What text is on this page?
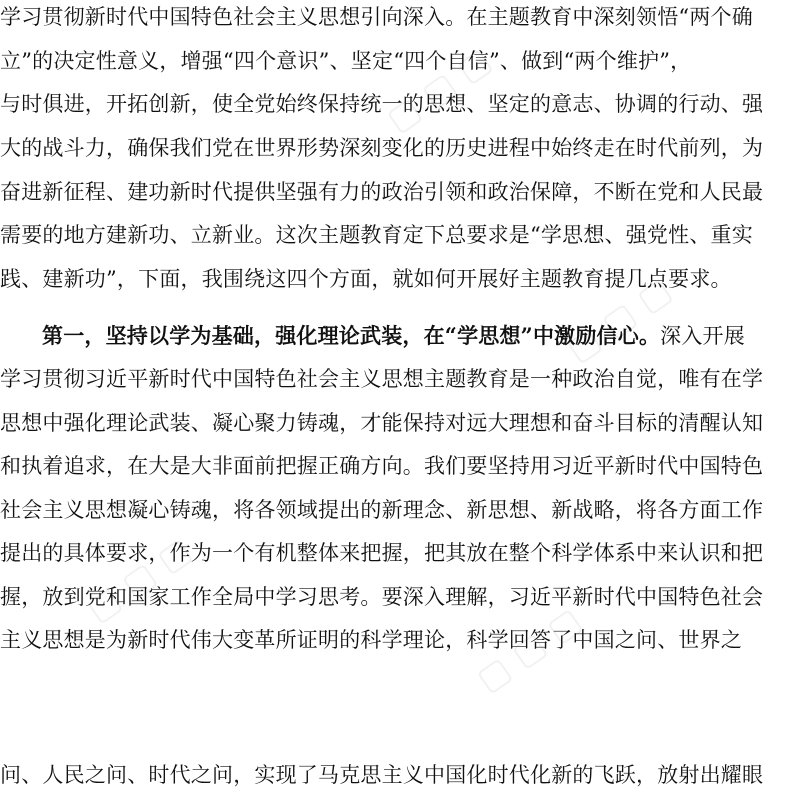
▢ ▢ ▢
▢ ▢ ▢
▢ ▢ ▢
▢ ▢ ▢
学习贯彻新时代中国特色社会主义思想引向深入。在主题教育中深刻领悟“两个确
立”的决定性意义，增强“四个意识”、坚定“四个自信”、做到“两个维护”，
与时俱进，开拓创新，使全党始终保持统一的思想、坚定的意志、协调的行动、强
大的战斗力，确保我们党在世界形势深刻变化的历史进程中始终走在时代前列，为
奋进新征程、建功新时代提供坚强有力的政治引领和政治保障，不断在党和人民最
需要的地方建新功、立新业。这次主题教育定下总要求是“学思想、强党性、重实
践、建新功”，下面，我围绕这四个方面，就如何开展好主题教育提几点要求。
第一，坚持以学为基础，强化理论武装，在“学思想”中激励信心。深入开展
学习贯彻习近平新时代中国特色社会主义思想主题教育是一种政治自觉，唯有在学
思想中强化理论武装、凝心聚力铸魂，才能保持对远大理想和奋斗目标的清醒认知
和执着追求，在大是大非面前把握正确方向。我们要坚持用习近平新时代中国特色
社会主义思想凝心铸魂，将各领域提出的新理念、新思想、新战略，将各方面工作
提出的具体要求，作为一个有机整体来把握，把其放在整个科学体系中来认识和把
握，放到党和国家工作全局中学习思考。要深入理解，习近平新时代中国特色社会
主义思想是为新时代伟大变革所证明的科学理论，科学回答了中国之问、世界之
问、人民之问、时代之问，实现了马克思主义中国化时代化新的飞跃，放射出耀眼
